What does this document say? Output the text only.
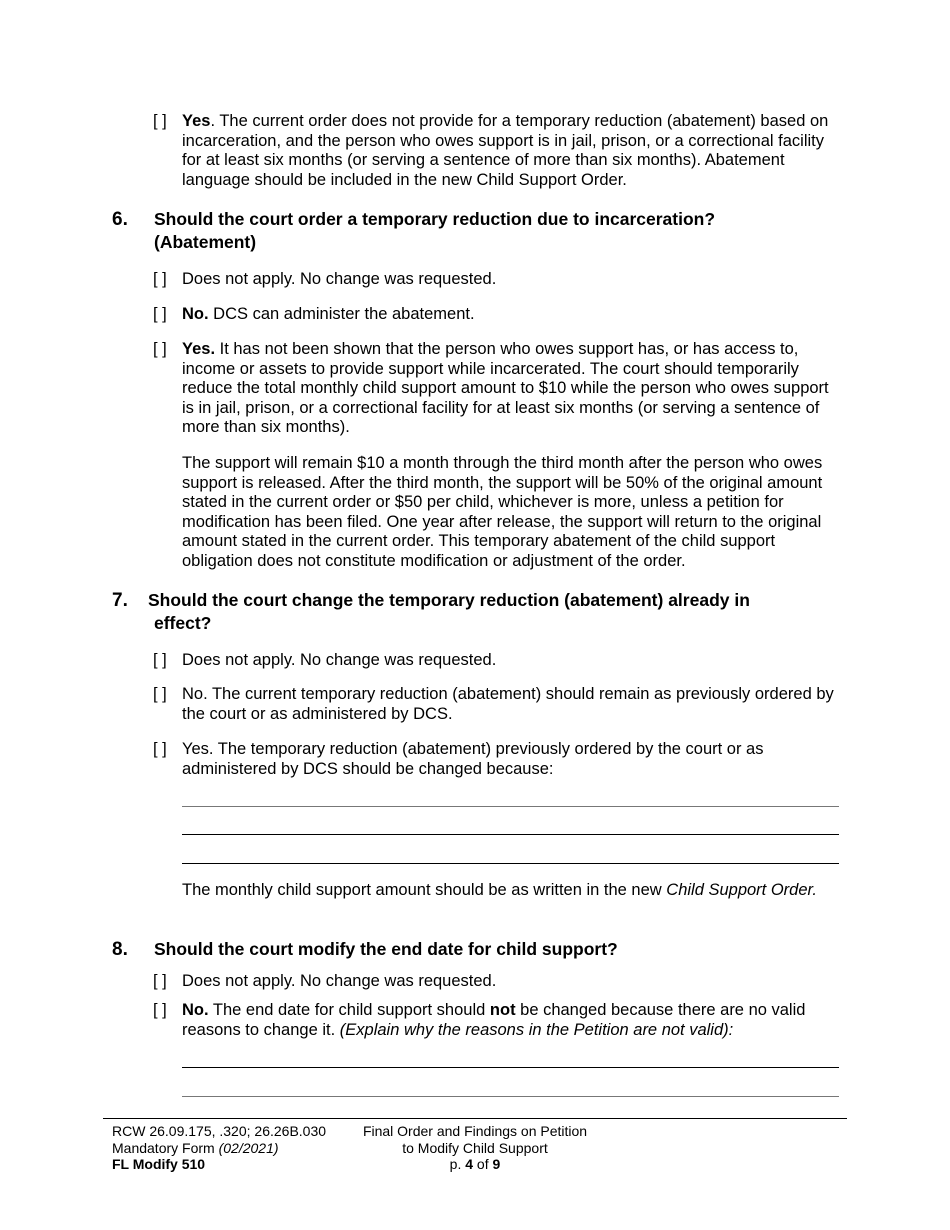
[ ] Yes. The current order does not provide for a temporary reduction (abatement) based on incarceration, and the person who owes support is in jail, prison, or a correctional facility for at least six months (or serving a sentence of more than six months). Abatement language should be included in the new Child Support Order.
6. Should the court order a temporary reduction due to incarceration? (Abatement)
[ ] Does not apply. No change was requested.
[ ] No. DCS can administer the abatement.
[ ] Yes. It has not been shown that the person who owes support has, or has access to, income or assets to provide support while incarcerated. The court should temporarily reduce the total monthly child support amount to $10 while the person who owes support is in jail, prison, or a correctional facility for at least six months (or serving a sentence of more than six months).
The support will remain $10 a month through the third month after the person who owes support is released. After the third month, the support will be 50% of the original amount stated in the current order or $50 per child, whichever is more, unless a petition for modification has been filed. One year after release, the support will return to the original amount stated in the current order. This temporary abatement of the child support obligation does not constitute modification or adjustment of the order.
7. Should the court change the temporary reduction (abatement) already in
effect?
[ ] Does not apply. No change was requested.
[ ] No. The current temporary reduction (abatement) should remain as previously ordered by the court or as administered by DCS.
[ ] Yes. The temporary reduction (abatement) previously ordered by the court or as administered by DCS should be changed because:
The monthly child support amount should be as written in the new Child Support Order.
8. Should the court modify the end date for child support?
[ ] Does not apply. No change was requested.
[ ] No. The end date for child support should not be changed because there are no valid reasons to change it. (Explain why the reasons in the Petition are not valid):
RCW 26.09.175, .320; 26.26B.030
Mandatory Form (02/2021)
FL Modify 510
Final Order and Findings on Petition
to Modify Child Support
p. 4 of 9
